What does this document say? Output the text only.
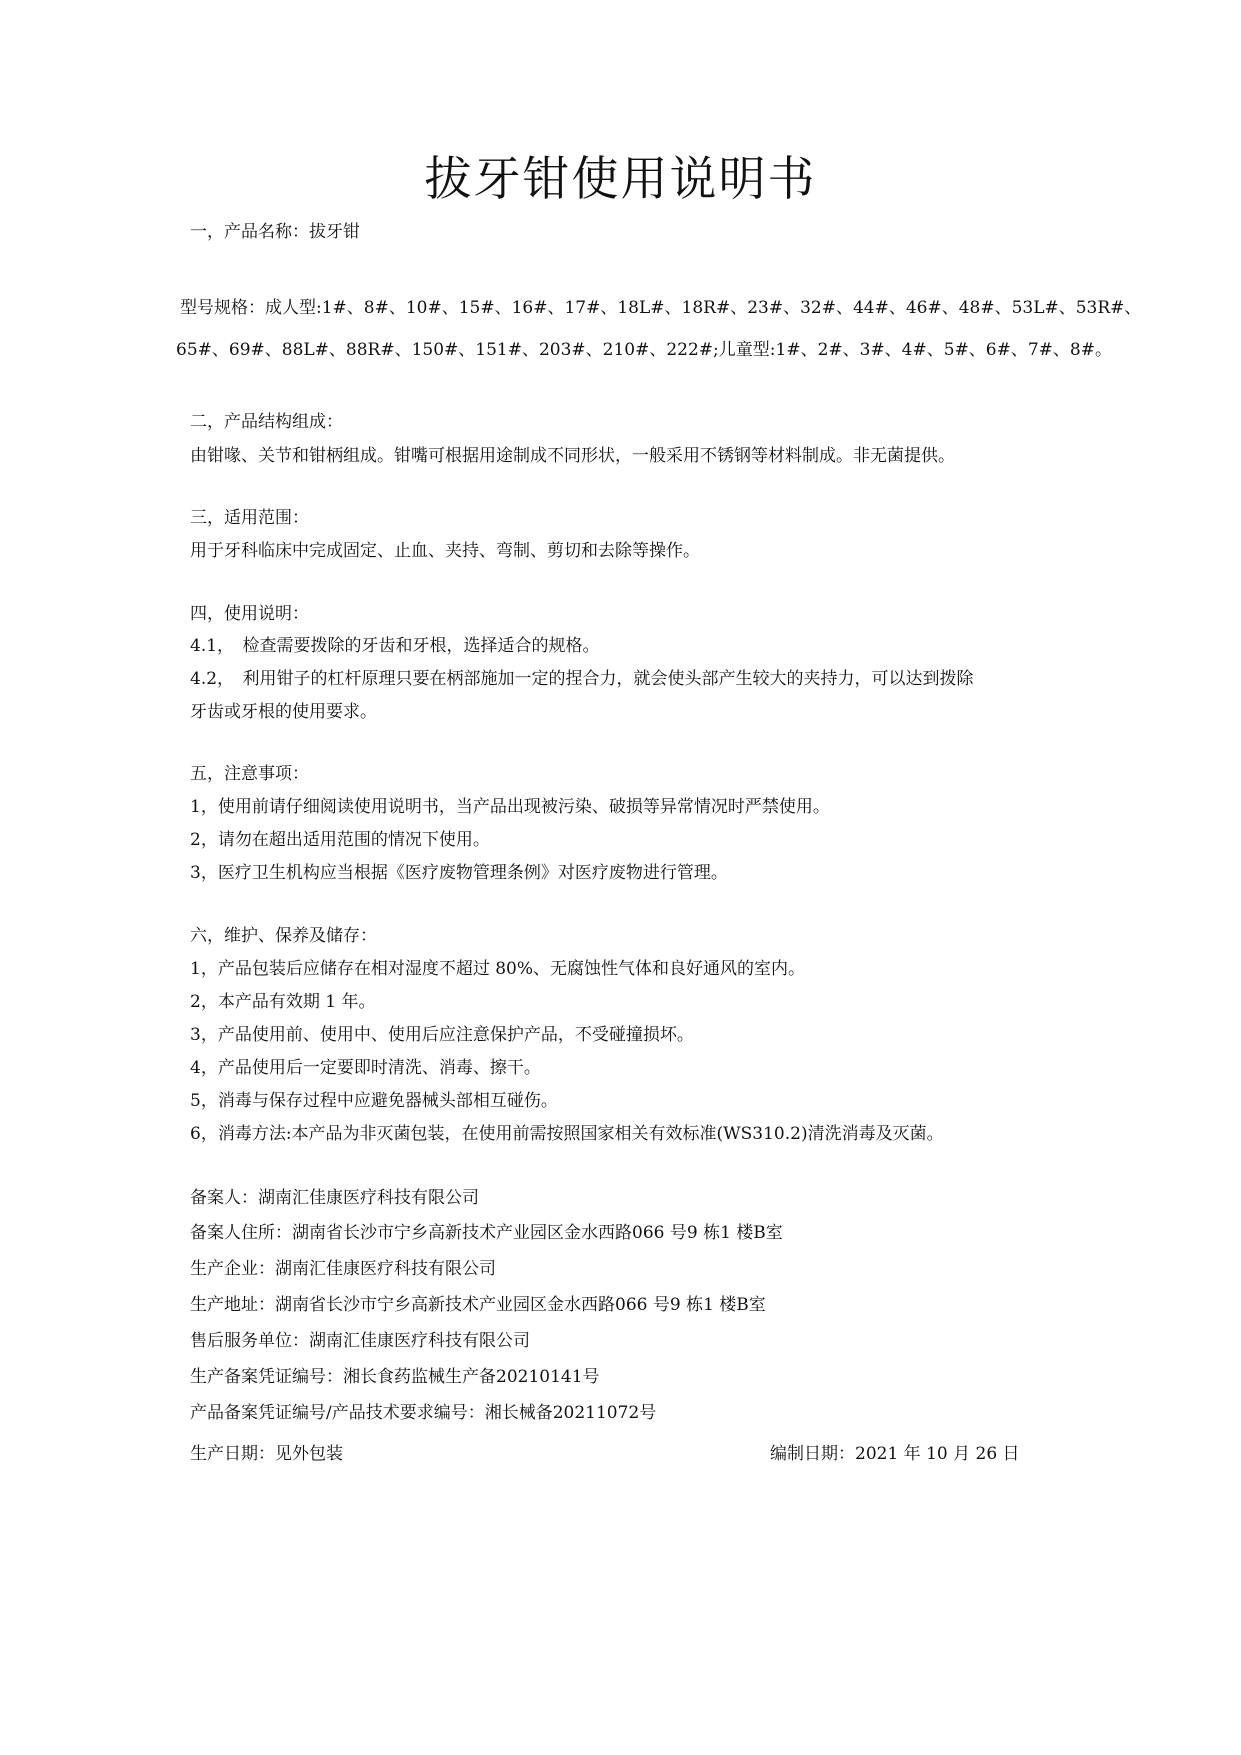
拔牙钳使用说明书
一，产品名称：拔牙钳
型号规格：成人型:1#、8#、10#、15#、16#、17#、18L#、18R#、23#、32#、44#、46#、48#、53L#、53R#、
65#、69#、88L#、88R#、150#、151#、203#、210#、222#;儿童型:1#、2#、3#、4#、5#、6#、7#、8#。
二，产品结构组成：
由钳喙、关节和钳柄组成。钳嘴可根据用途制成不同形状，一般采用不锈钢等材料制成。非无菌提供。
三，适用范围：
用于牙科临床中完成固定、止血、夹持、弯制、剪切和去除等操作。
四，使用说明：
4.1，　检查需要拨除的牙齿和牙根，选择适合的规格。
4.2，　利用钳子的杠杆原理只要在柄部施加一定的捏合力，就会使头部产生较大的夹持力，可以达到拨除
牙齿或牙根的使用要求。
五，注意事项：
1，使用前请仔细阅读使用说明书，当产品出现被污染、破损等异常情况时严禁使用。
2，请勿在超出适用范围的情况下使用。
3，医疗卫生机构应当根据《医疗废物管理条例》对医疗废物进行管理。
六，维护、保养及储存：
1，产品包装后应储存在相对湿度不超过 80%、无腐蚀性气体和良好通风的室内。
2，本产品有效期 1 年。
3，产品使用前、使用中、使用后应注意保护产品，不受碰撞损坏。
4，产品使用后一定要即时清洗、消毒、擦干。
5，消毒与保存过程中应避免器械头部相互碰伤。
6，消毒方法:本产品为非灭菌包装，在使用前需按照国家相关有效标准(WS310.2)清洗消毒及灭菌。
备案人：湖南汇佳康医疗科技有限公司
备案人住所：湖南省长沙市宁乡高新技术产业园区金水西路066 号9 栋1 楼B室
生产企业：湖南汇佳康医疗科技有限公司
生产地址：湖南省长沙市宁乡高新技术产业园区金水西路066 号9 栋1 楼B室
售后服务单位：湖南汇佳康医疗科技有限公司
生产备案凭证编号：湘长食药监械生产备20210141号
产品备案凭证编号/产品技术要求编号：湘长械备20211072号
生产日期：见外包装	编制日期：2021 年 10 月 26 日
